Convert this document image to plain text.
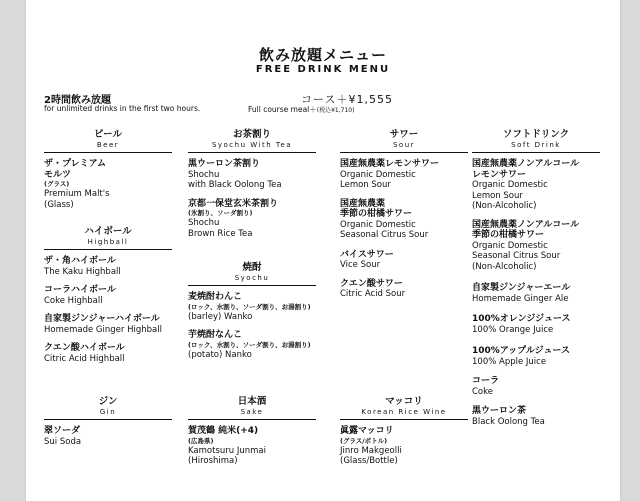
飲み放題メニュー
FREE DRINK MENU
2時間飲み放題
for unlimited drinks in the first two hours.
コース＋¥1,555
Full course meal＋(税込¥1,710)
ビール
Beer
ザ・プレミアム
モルツ
(グラス)
Premium Malt's
(Glass)
ハイボール
Highball
ザ・角ハイボール
The Kaku Highball
コーラハイボール
Coke Highball
自家製ジンジャーハイボール
Homemade Ginger Highball
クエン酸ハイボール
Citric Acid Highball
お茶割り
Syochu With Tea
黒ウーロン茶割り
Shochu
with Black Oolong Tea
京都一保堂玄米茶割り
(氷割り、ソーダ割り)
Shochu
Brown Rice Tea
焼酎
Syochu
麦焼酎わんこ
(ロック、水割り、ソーダ割り、お湯割り)
(barley) Wanko
芋焼酎なんこ
(ロック、水割り、ソーダ割り、お湯割り)
(potato) Nanko
サワー
Sour
国産無農薬レモンサワー
Organic Domestic
Lemon Sour
国産無農薬
季節の柑橘サワー
Organic Domestic
Seasonal Citrus Sour
バイスサワー
Vice Sour
クエン酸サワー
Citric Acid Sour
ソフトドリンク
Soft Drink
国産無農薬ノンアルコール
レモンサワー
Organic Domestic
Lemon Sour
(Non-Alcoholic)
国産無農薬ノンアルコール
季節の柑橘サワー
Organic Domestic
Seasonal Citrus Sour
(Non-Alcoholic)
自家製ジンジャーエール
Homemade Ginger Ale
100%オレンジジュース
100% Orange Juice
100%アップルジュース
100% Apple Juice
コーラ
Coke
黒ウーロン茶
Black Oolong Tea
ジン
Gin
翠ソーダ
Sui Soda
日本酒
Sake
賀茂鶴 純米(+4)
(広島県)
Kamotsuru Junmai
(Hiroshima)
マッコリ
Korean Rice Wine
眞露マッコリ
(グラス/ボトル)
Jinro Makgeolli
(Glass/Bottle)
